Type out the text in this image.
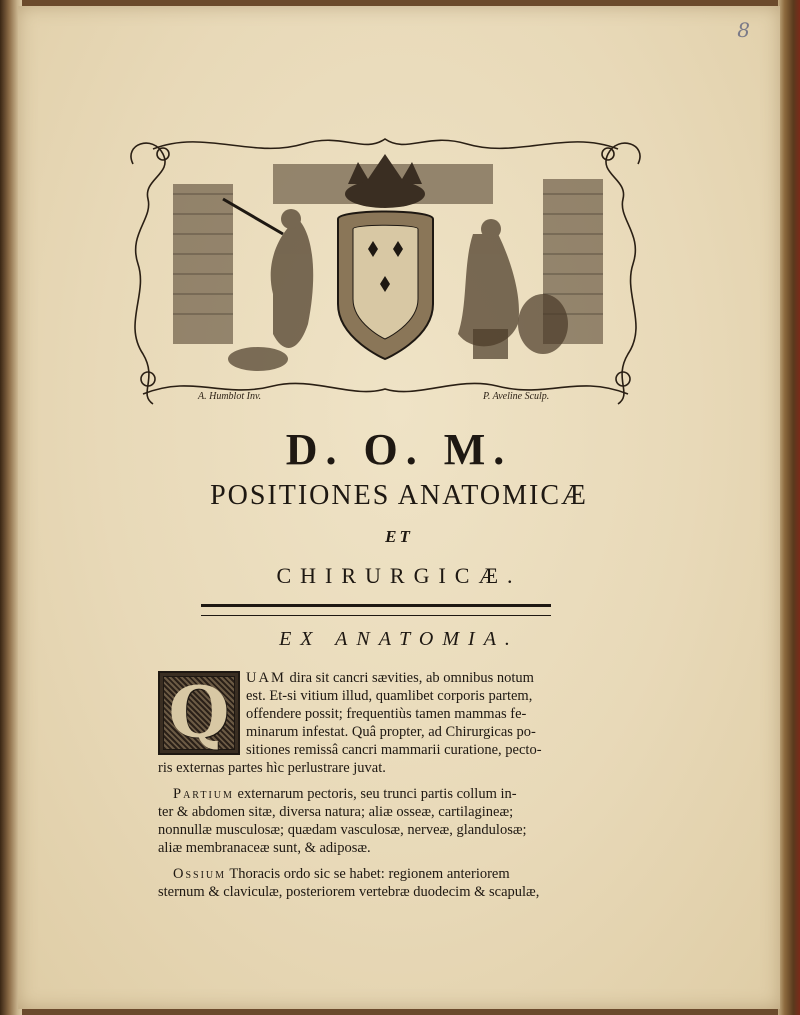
8
A. Humblot Inv.	P. Aveline Sculp.
D. O. M.
POSITIONES ANATOMICÆ
ET
CHIRURGICÆ.
EX ANATOMIA.
Q	UAM dira sit cancri sævities, ab omnibus notum
est. Et-si vitium illud, quamlibet corporis partem,
offendere possit; frequentiùs tamen mammas fe-
minarum infestat. Quâ propter, ad Chirurgicas po-
sitiones remissâ cancri mammarii curatione, pecto-
ris externas partes hìc perlustrare juvat.
Partium externarum pectoris, seu trunci partis collum in-
ter & abdomen sitæ, diversa natura; aliæ osseæ, cartilagineæ;
nonnullæ musculosæ; quædam vasculosæ, nerveæ, glandulosæ;
aliæ membranaceæ sunt, & adiposæ.
Ossium Thoracis ordo sic se habet: regionem anteriorem
sternum & claviculæ, posteriorem vertebræ duodecim & scapulæ,
